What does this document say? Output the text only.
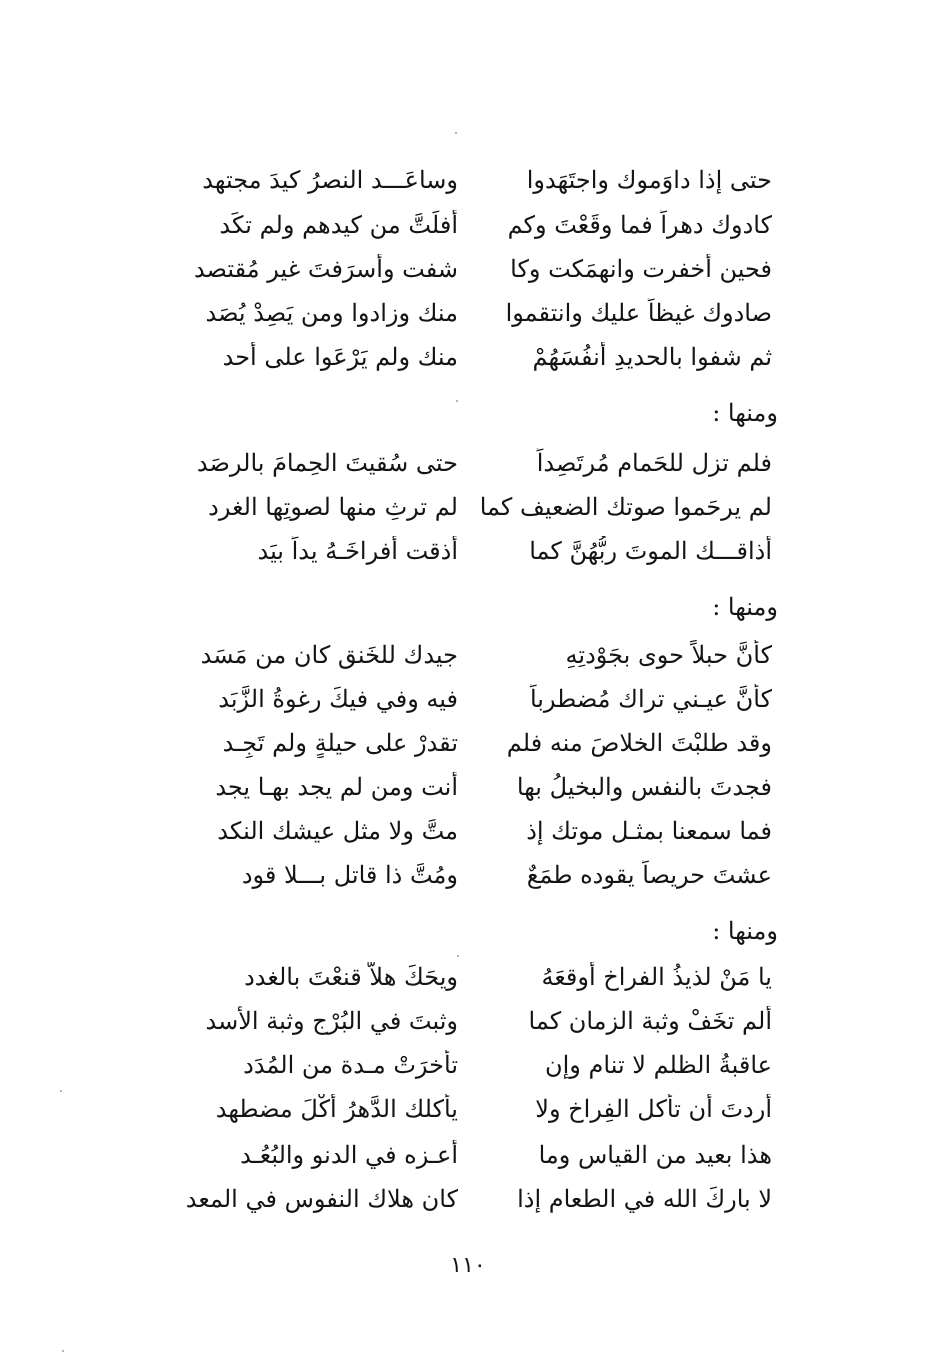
حتى إذا داوَموك واجتَهَدوا
وساعَـــد النصرُ كيدَ مجتهد
كادوك دهراً فما وقَعْتَ وكم
أفلَتَّ من كيدهم ولم تكَد
فحين أخفرت وانهمَكت وكا
شفت وأسرَفتَ غير مُقتصد
صادوك غيظاً عليك وانتقموا
منك وزادوا ومن يَصِدْ يُصَد
ثم شفوا بالحديدِ أنفُسَهُمْ
منك ولم يَرْعَوا على أحد
ومنها :
فلم تزل للحَمامِ مُرتَصِداً
حتى سُقيتَ الحِمامَ بالرصَد
لم يرحَموا صوتك الضعيف كما
لم ترثِ منها لصوتِها الغرد
أذاقـــك الموتَ ربُّهُنَّ كما
أذقت أفراخَـهُ يداً بيَد
ومنها :
كأنَّ حبلاً حوى بجَوْدتِهِ
جيدك للخَنقِ كان من مَسَد
كأنَّ عيـني تراك مُضطرباً
فيه وفي فيكَ رغوةُ الزَّبَد
وقد طلبْتَ الخلاصَ منه فلم
تقدرْ على حيلةٍ ولم تَجِـد
فجدتَ بالنفس والبخيلُ بها
أنت ومن لم يجد بهـا يجد
فما سمعنا بمثـل موتك إذ
متَّ ولا مثل عيشك النكد
عشتَ حريصاً يقوده طمَعٌ
ومُتَّ ذا قاتل بـــلا قود
ومنها :
يا مَنْ لذيذُ الفراخ أوقعَهُ
ويحَكَ هلاَّ قنعْتَ بالغدد
ألم تخَفْ وثبة الزمان كما
وثبتَ في البُرْجِ وثبة الأسد
عاقبةُ الظلم لا تنام وإن
تأخرَتْ مـدة من المُدَد
أردتَ أن تأكل الفِراخ ولا
يأكلك الدَّهرُ أكْلَ مضطهد
هذا بعيد من القياس وما
أعـزه في الدنو والبُعُـد
لا باركَ الله في الطعام إذا
كان هلاك النفوس في المعد
١١٠
